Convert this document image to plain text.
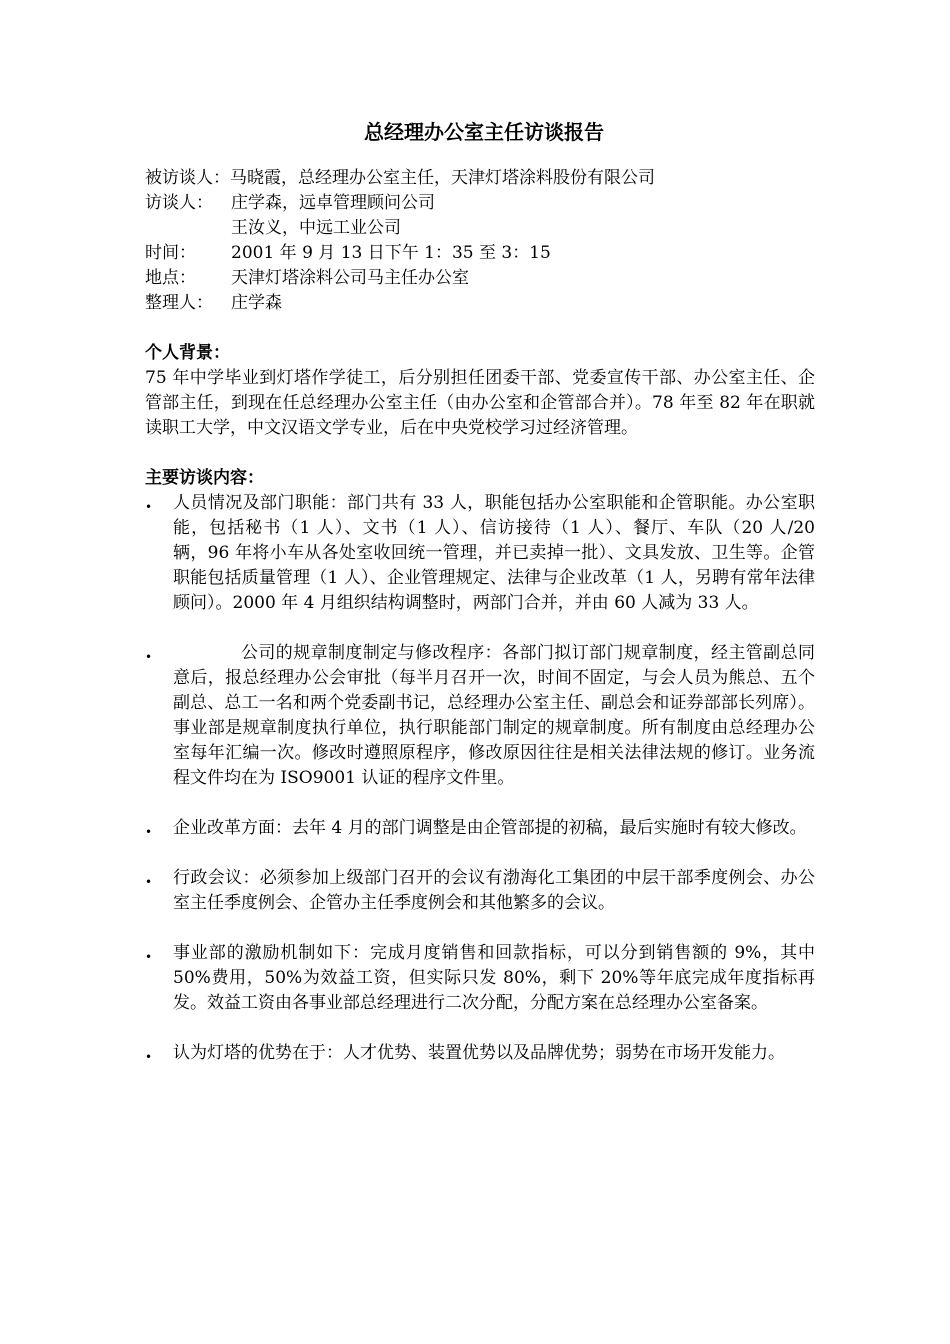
总经理办公室主任访谈报告
被访谈人： 马晓霞，总经理办公室主任，天津灯塔涂料股份有限公司
访谈人：	庄学森，远卓管理顾问公司
王汝义，中远工业公司
时间：	2001 年 9 月 13 日下午 1：35 至 3：15
地点：	天津灯塔涂料公司马主任办公室
整理人：	庄学森
个人背景：
75 年中学毕业到灯塔作学徒工，后分别担任团委干部、党委宣传干部、办公室主任、企管部主任，到现在任总经理办公室主任（由办公室和企管部合并）。78 年至 82 年在职就读职工大学，中文汉语文学专业，后在中央党校学习过经济管理。
主要访谈内容：
• 人员情况及部门职能：部门共有 33 人，职能包括办公室职能和企管职能。办公室职能，包括秘书（1 人）、文书（1 人）、信访接待（1 人）、餐厅、车队（20 人/20 辆，96 年将小车从各处室收回统一管理，并已卖掉一批）、文具发放、卫生等。企管职能包括质量管理（1 人）、企业管理规定、法律与企业改革（1 人，另聘有常年法律顾问）。2000 年 4 月组织结构调整时，两部门合并，并由 60 人减为 33 人。
•	公司的规章制度制定与修改程序：各部门拟订部门规章制度，经主管副总同意后，报总经理办公会审批（每半月召开一次，时间不固定，与会人员为熊总、五个副总、总工一名和两个党委副书记，总经理办公室主任、副总会和证券部部长列席）。事业部是规章制度执行单位，执行职能部门制定的规章制度。所有制度由总经理办公室每年汇编一次。修改时遵照原程序，修改原因往往是相关法律法规的修订。业务流程文件均在为 ISO9001 认证的程序文件里。
• 企业改革方面：去年 4 月的部门调整是由企管部提的初稿，最后实施时有较大修改。
• 行政会议：必须参加上级部门召开的会议有渤海化工集团的中层干部季度例会、办公室主任季度例会、企管办主任季度例会和其他繁多的会议。
• 事业部的激励机制如下：完成月度销售和回款指标，可以分到销售额的 9%，其中 50%费用，50%为效益工资，但实际只发 80%，剩下 20%等年底完成年度指标再发。效益工资由各事业部总经理进行二次分配，分配方案在总经理办公室备案。
• 认为灯塔的优势在于：人才优势、装置优势以及品牌优势；弱势在市场开发能力。
